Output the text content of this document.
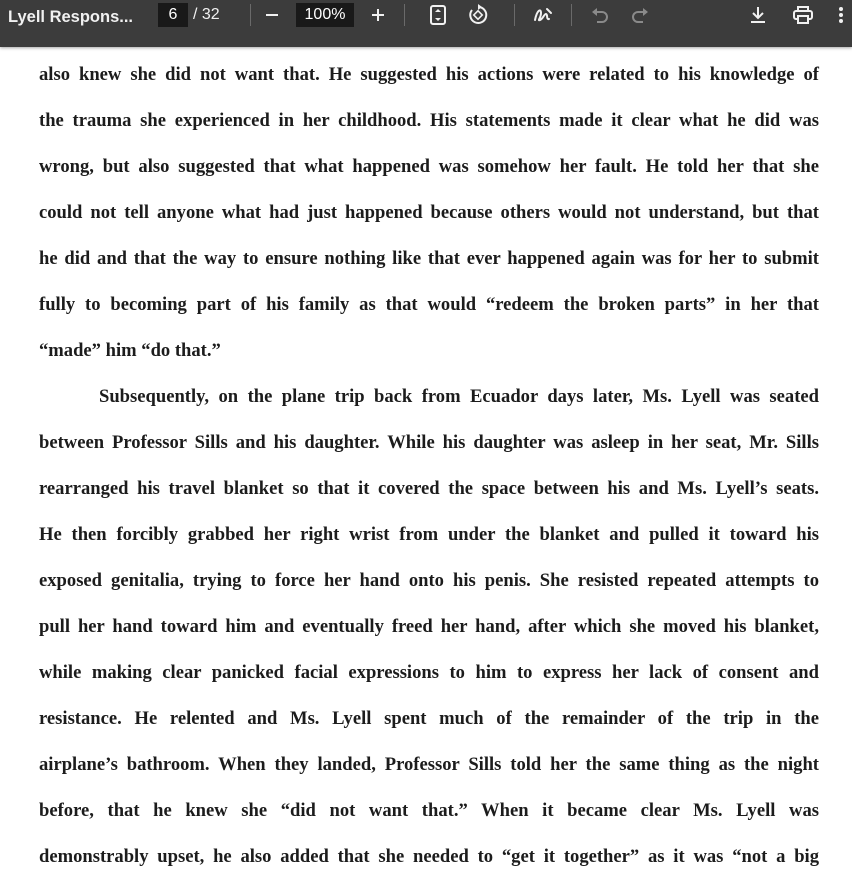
Lyell Respons...	6 / 32	100%
also knew she did not want that. He suggested his actions were related to his knowledge of
the trauma she experienced in her childhood. His statements made it clear what he did was
wrong, but also suggested that what happened was somehow her fault. He told her that she
could not tell anyone what had just happened because others would not understand, but that
he did and that the way to ensure nothing like that ever happened again was for her to submit
fully to becoming part of his family as that would “redeem the broken parts” in her that
“made” him “do that.”
Subsequently, on the plane trip back from Ecuador days later, Ms. Lyell was seated
between Professor Sills and his daughter. While his daughter was asleep in her seat, Mr. Sills
rearranged his travel blanket so that it covered the space between his and Ms. Lyell’s seats.
He then forcibly grabbed her right wrist from under the blanket and pulled it toward his
exposed genitalia, trying to force her hand onto his penis. She resisted repeated attempts to
pull her hand toward him and eventually freed her hand, after which she moved his blanket,
while making clear panicked facial expressions to him to express her lack of consent and
resistance. He relented and Ms. Lyell spent much of the remainder of the trip in the
airplane’s bathroom. When they landed, Professor Sills told her the same thing as the night
before, that he knew she “did not want that.” When it became clear Ms. Lyell was
demonstrably upset, he also added that she needed to “get it together” as it was “not a big
